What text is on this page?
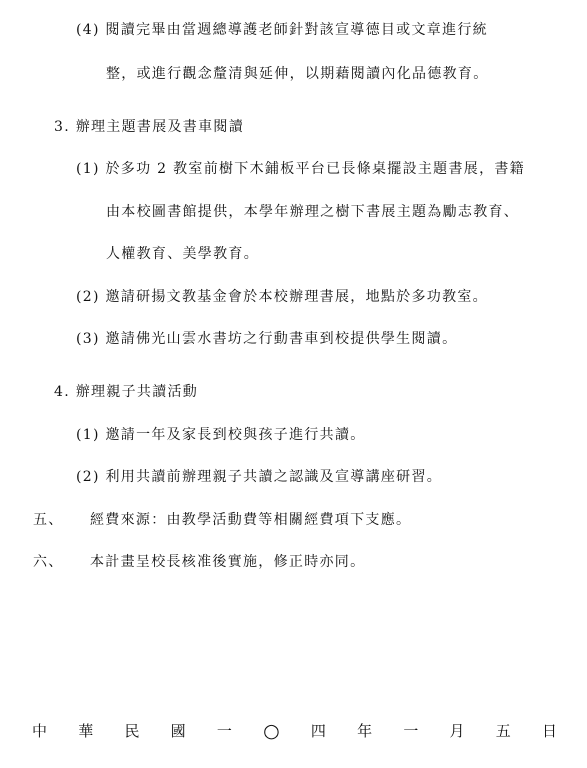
(4) 閱讀完畢由當週總導護老師針對該宣導德目或文章進行統
整，或進行觀念釐清與延伸，以期藉閱讀內化品德教育。
3. 辦理主題書展及書車閱讀
(1) 於多功 2 教室前樹下木鋪板平台已長條桌擺設主題書展，書籍
由本校圖書館提供，本學年辦理之樹下書展主題為勵志教育、
人權教育、美學教育。
(2) 邀請研揚文教基金會於本校辦理書展，地點於多功教室。
(3) 邀請佛光山雲水書坊之行動書車到校提供學生閱讀。
4. 辦理親子共讀活動
(1) 邀請一年及家長到校與孩子進行共讀。
(2) 利用共讀前辦理親子共讀之認識及宣導講座研習。
五、 經費來源：由教學活動費等相關經費項下支應。
六、 本計畫呈校長核准後實施，修正時亦同。
中 華 民 國 一 ○ 四 年 一 月 五 日
